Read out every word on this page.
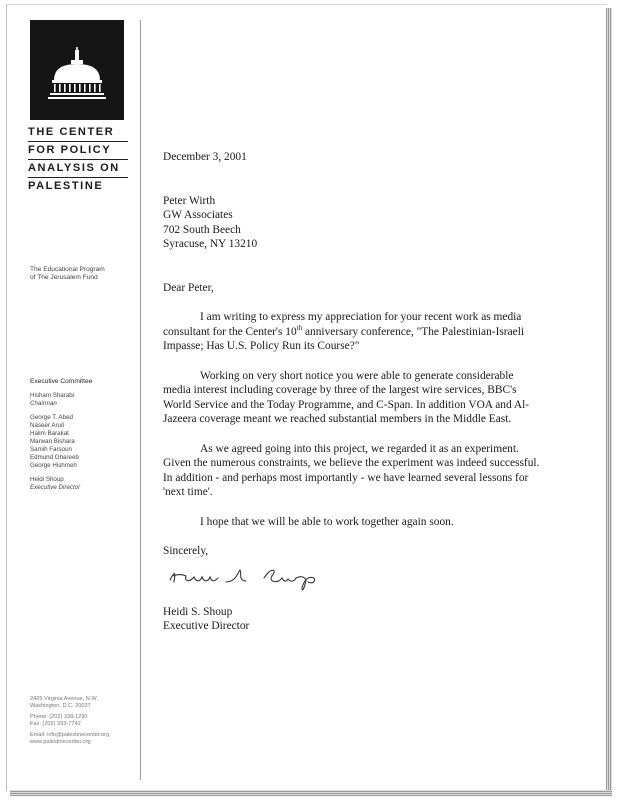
THE CENTER
FOR POLICY
ANALYSIS ON
PALESTINE
The Educational Program
of The Jerusalem Fund
Executive Committee
Hisham Sharabi
Chairman
George T. Abed
Naseer Aruri
Halim Barakat
Marwan Bishara
Samih Farsoun
Edmund Ghareeb
George Hishmeh
Heidi Shoup
Executive Director
2425 Virginia Avenue, N.W.
Washington, D.C. 20037
Phone: (202) 338-1290
Fax: (202) 333-7742
Email: info@palestinecenter.org
www.palestinecenter.org

December 3, 2001

Peter Wirth

GW Associates

702 South Beech

Syracuse, NY 13210

Dear Peter,

I am writing to express my appreciation for your recent work as media consultant for the Center's 10th anniversary conference, "The Palestinian-Israeli Impasse; Has U.S. Policy Run its Course?"

Working on very short notice you were able to generate considerable media interest including coverage by three of the largest wire services, BBC's World Service and the Today Programme, and C-Span. In addition VOA and Al-Jazeera coverage meant we reached substantial members in the Middle East.

As we agreed going into this project, we regarded it as an experiment. Given the numerous constraints, we believe the experiment was indeed successful. In addition - and perhaps most importantly - we have learned several lessons for 'next time'.

I hope that we will be able to work together again soon.

Sincerely,

Heidi S. Shoup

Executive Director
